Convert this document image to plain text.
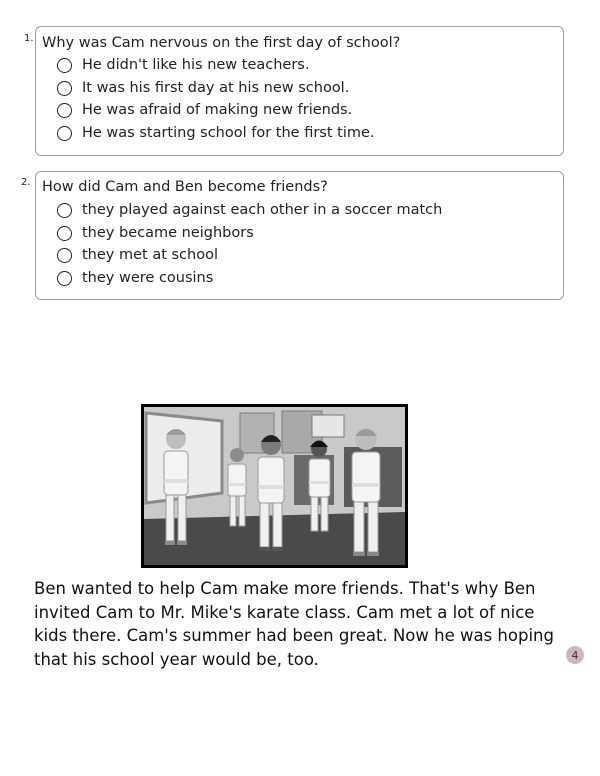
1. Why was Cam nervous on the first day of school?
He didn't like his new teachers.
It was his first day at his new school.
He was afraid of making new friends.
He was starting school for the first time.
2. How did Cam and Ben become friends?
they played against each other in a soccer match
they became neighbors
they met at school
they were cousins

Ben wanted to help Cam make more friends. That's why Ben invited Cam to Mr. Mike's karate class. Cam met a lot of nice kids there. Cam's summer had been great. Now he was hoping that his school year would be, too.	4
